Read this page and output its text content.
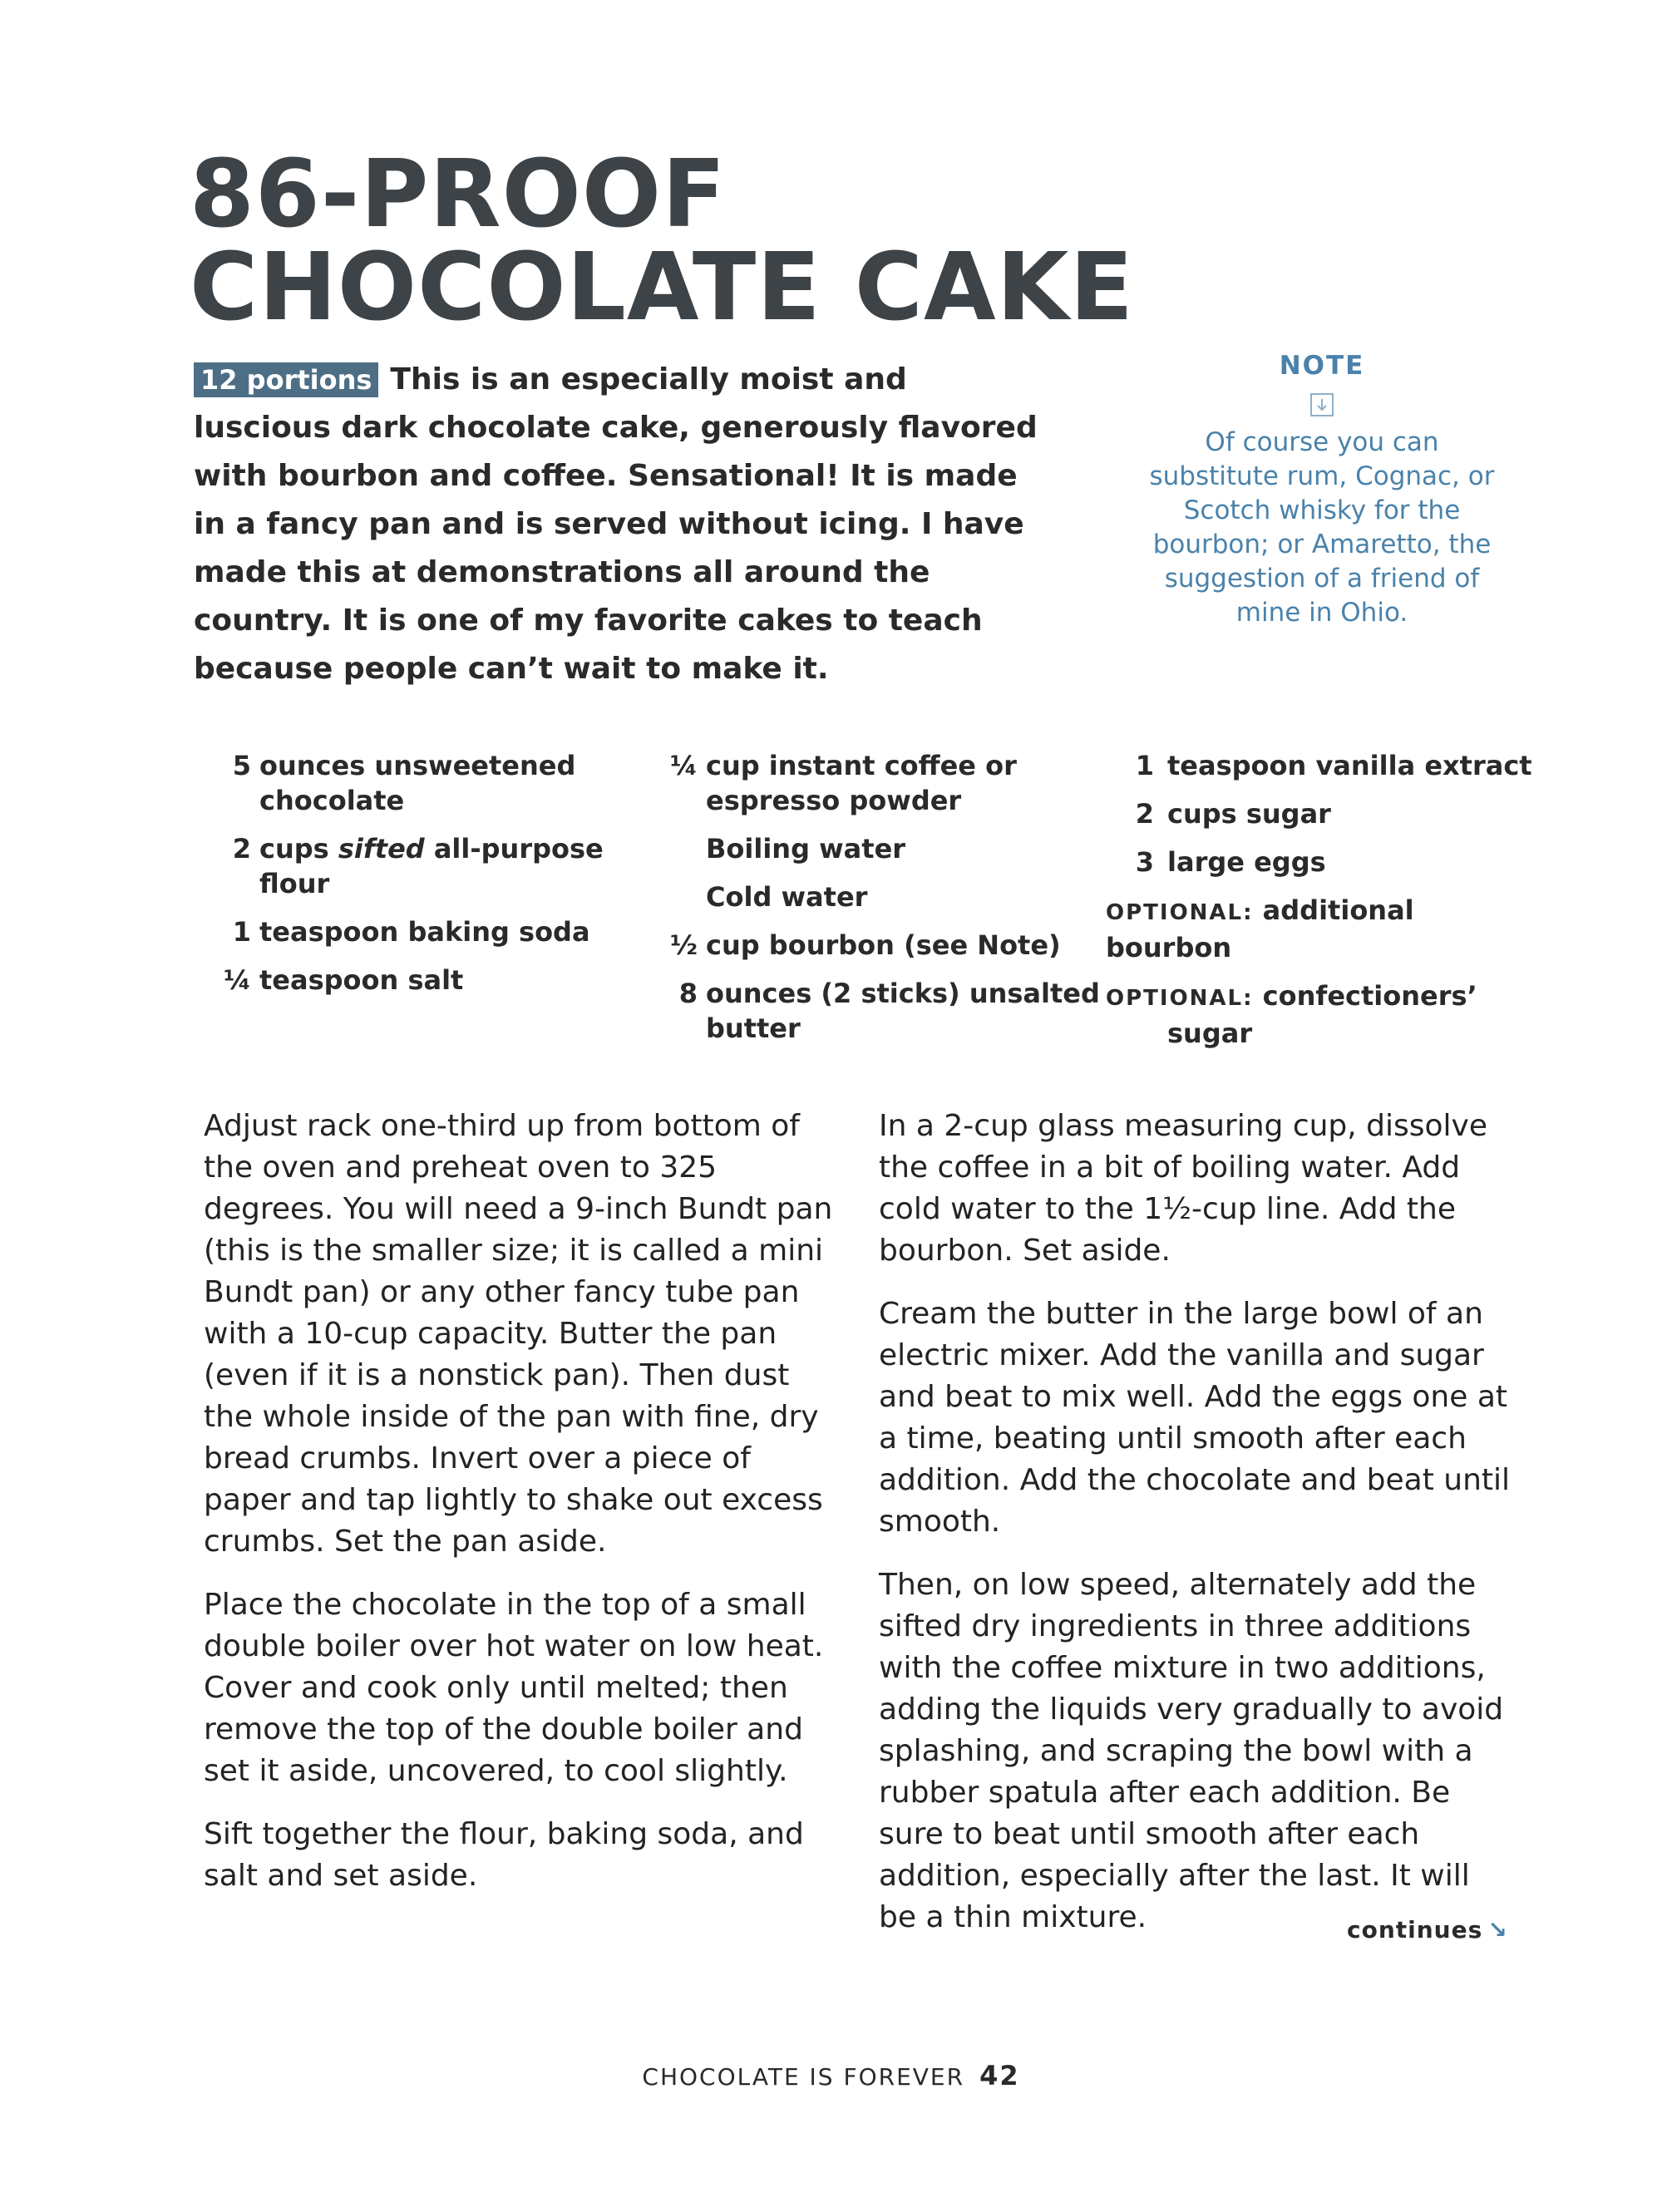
86-PROOF
CHOCOLATE CAKE

12 portions This is an especially moist and luscious dark chocolate cake, generously flavored with bourbon and coffee. Sensational! It is made in a fancy pan and is served without icing. I have made this at demonstrations all around the country. It is one of my favorite cakes to teach because people can’t wait to make it.

NOTE
Of course you can substitute rum, Cognac, or Scotch whisky for the bourbon; or Amaretto, the suggestion of a friend of mine in Ohio.
5 ounces unsweetened chocolate
2 cups sifted all-purpose flour
1 teaspoon baking soda
¼ teaspoon salt
¼ cup instant coffee or espresso powder
Boiling water
Cold water
½ cup bourbon (see Note)
8 ounces (2 sticks) unsalted butter
1 teaspoon vanilla extract
2 cups sugar
3 large eggs
OPTIONAL: additional bourbon
OPTIONAL: confectioners’
sugar

Adjust rack one-third up from bottom of the oven and preheat oven to 325 degrees. You will need a 9-inch Bundt pan (this is the smaller size; it is called a mini Bundt pan) or any other fancy tube pan with a 10-cup capacity. Butter the pan (even if it is a nonstick pan). Then dust the whole inside of the pan with fine, dry bread crumbs. Invert over a piece of paper and tap lightly to shake out excess crumbs. Set the pan aside.

Place the chocolate in the top of a small double boiler over hot water on low heat. Cover and cook only until melted; then remove the top of the double boiler and set it aside, uncovered, to cool slightly.

Sift together the flour, baking soda, and salt and set aside.

In a 2-cup glass measuring cup, dissolve the coffee in a bit of boiling water. Add cold water to the 1½-cup line. Add the bourbon. Set aside.

Cream the butter in the large bowl of an electric mixer. Add the vanilla and sugar and beat to mix well. Add the eggs one at a time, beating until smooth after each addition. Add the chocolate and beat until smooth.

Then, on low speed, alternately add the sifted dry ingredients in three additions with the coffee mixture in two additions, adding the liquids very gradually to avoid splashing, and scraping the bowl with a rubber spatula after each addition. Be sure to beat until smooth after each addition, especially after the last. It will be a thin mixture.	continues ↘
CHOCOLATE IS FOREVER 42
